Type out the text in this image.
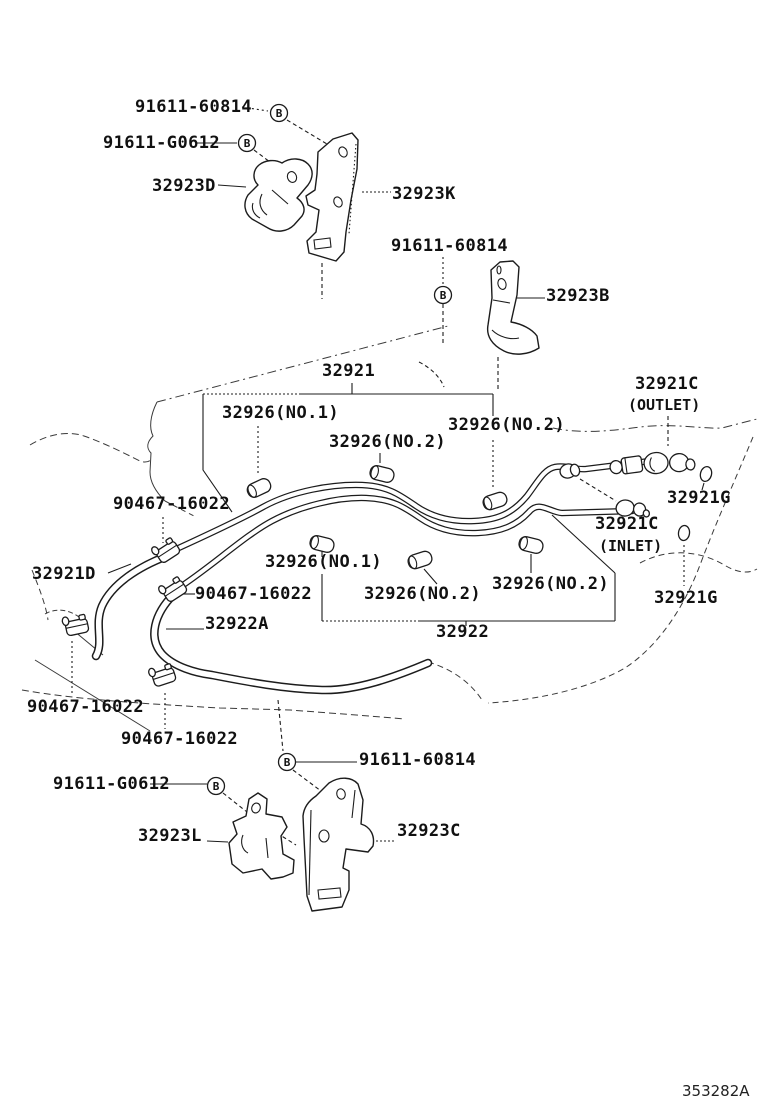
B
B
B
B
B
91611-60814
91611-G0612
32923D	32923K
91611-60814
32923B
32921
32926(NO.1)
32926(NO.2)
32926(NO.2)
32921C
(OUTLET)
32921G
90467-16022
32921D
90467-16022
32922A
32926(NO.1)
32926(NO.2) 32926(NO.2)
32922
32921C
(INLET)
32921G
90467-16022
90467-16022
91611-60814
91611-G0612
32923L	32923C
353282A
